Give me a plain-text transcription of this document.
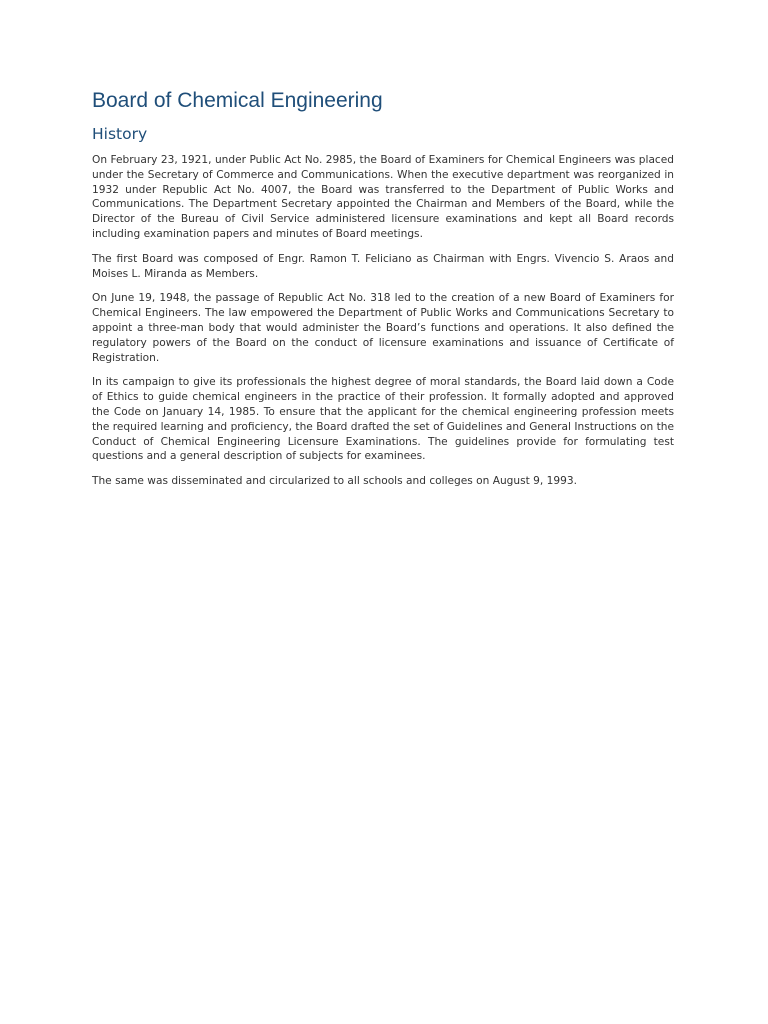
Board of Chemical Engineering
History

On February 23, 1921, under Public Act No. 2985, the Board of Examiners for Chemical Engineers was placed under the Secretary of Commerce and Communications. When the executive department was reorganized in 1932 under Republic Act No. 4007, the Board was transferred to the Department of Public Works and Communications. The Department Secretary appointed the Chairman and Members of the Board, while the Director of the Bureau of Civil Service administered licensure examinations and kept all Board records including examination papers and minutes of Board meetings.

The first Board was composed of Engr. Ramon T. Feliciano as Chairman with Engrs. Vivencio S. Araos and Moises L. Miranda as Members.

On June 19, 1948, the passage of Republic Act No. 318 led to the creation of a new Board of Examiners for Chemical Engineers. The law empowered the Department of Public Works and Communications Secretary to appoint a three-man body that would administer the Board’s functions and operations. It also defined the regulatory powers of the Board on the conduct of licensure examinations and issuance of Certificate of Registration.

In its campaign to give its professionals the highest degree of moral standards, the Board laid down a Code of Ethics to guide chemical engineers in the practice of their profession. It formally adopted and approved the Code on January 14, 1985. To ensure that the applicant for the chemical engineering profession meets the required learning and proficiency, the Board drafted the set of Guidelines and General Instructions on the Conduct of Chemical Engineering Licensure Examinations. The guidelines provide for formulating test questions and a general description of subjects for examinees.

The same was disseminated and circularized to all schools and colleges on August 9, 1993.
